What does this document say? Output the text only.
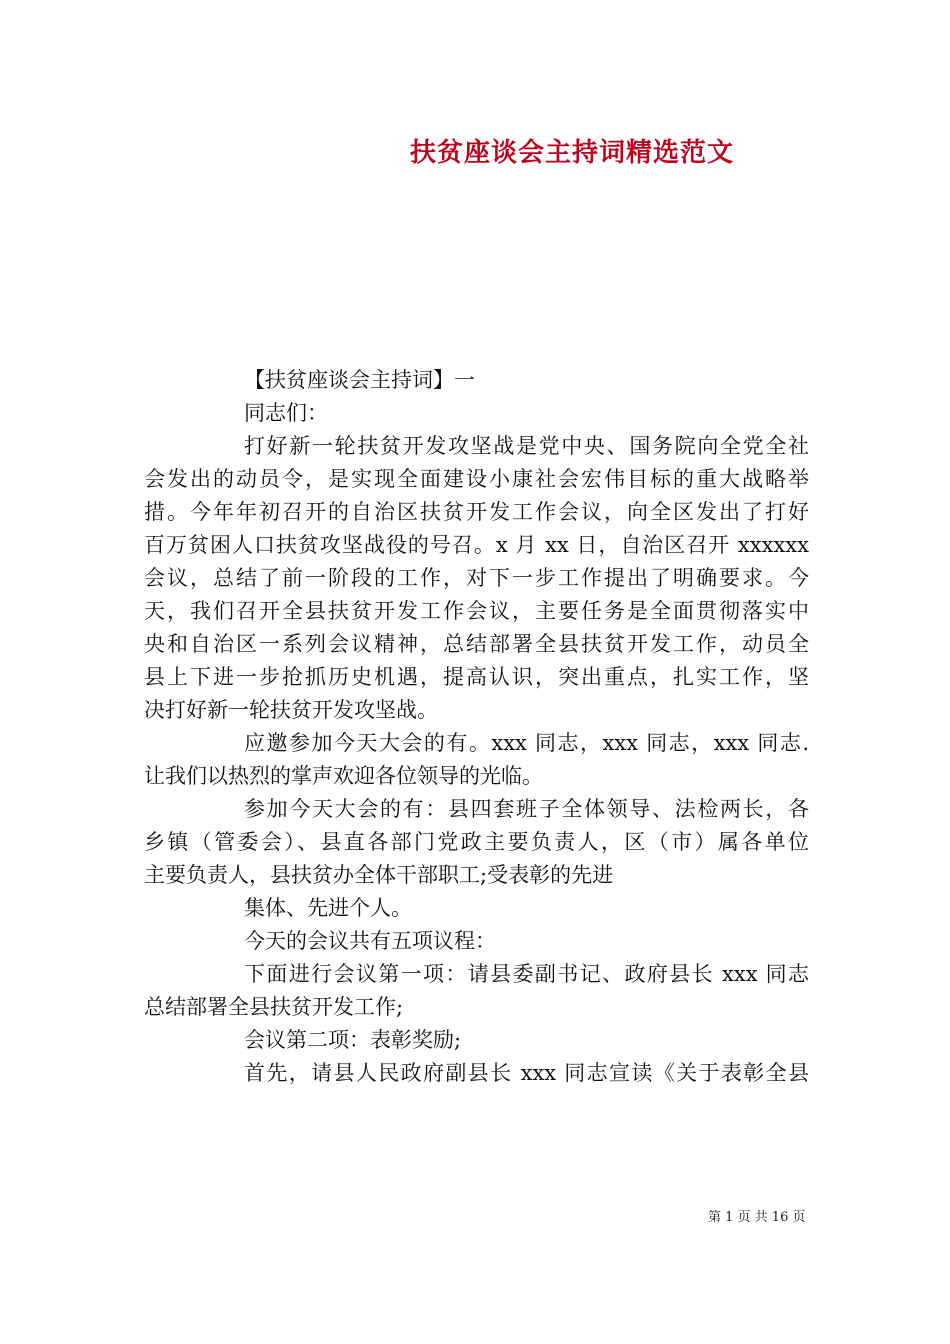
扶贫座谈会主持词精选范文
【扶贫座谈会主持词】一
同志们：
打好新一轮扶贫开发攻坚战是党中央、国务院向全党全社
会发出的动员令，是实现全面建设小康社会宏伟目标的重大战略举
措。今年年初召开的自治区扶贫开发工作会议，向全区发出了打好
百万贫困人口扶贫攻坚战役的号召。x 月 xx 日，自治区召开 xxxxxx
会议，总结了前一阶段的工作，对下一步工作提出了明确要求。今
天，我们召开全县扶贫开发工作会议，主要任务是全面贯彻落实中
央和自治区一系列会议精神，总结部署全县扶贫开发工作，动员全
县上下进一步抢抓历史机遇，提高认识，突出重点，扎实工作，坚
决打好新一轮扶贫开发攻坚战。
应邀参加今天大会的有。xxx 同志，xxx 同志，xxx 同志.
让我们以热烈的掌声欢迎各位领导的光临。
参加今天大会的有：县四套班子全体领导、法检两长，各
乡镇（管委会）、县直各部门党政主要负责人，区（市）属各单位
主要负责人，县扶贫办全体干部职工;受表彰的先进
集体、先进个人。
今天的会议共有五项议程：
下面进行会议第一项：请县委副书记、政府县长 xxx 同志
总结部署全县扶贫开发工作;
会议第二项：表彰奖励;
首先，请县人民政府副县长 xxx 同志宣读《关于表彰全县
第 1 页 共 16 页
